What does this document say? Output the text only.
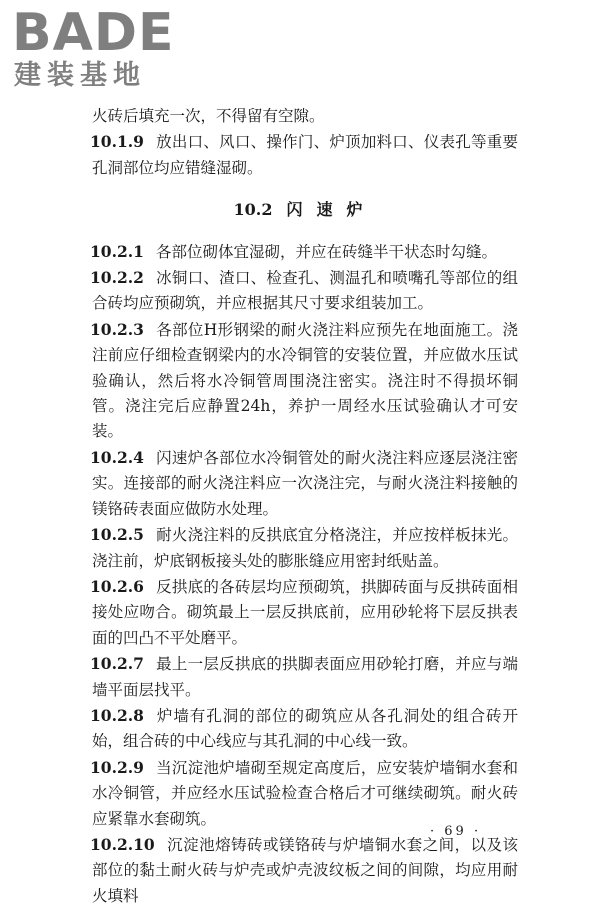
BADE
建装基地

火砖后填充一次，不得留有空隙。

10.1.9 放出口、风口、操作门、炉顶加料口、仪表孔等重要孔洞部位均应错缝湿砌。

10.2 闪速炉

10.2.1 各部位砌体宜湿砌，并应在砖缝半干状态时勾缝。

10.2.2 冰铜口、渣口、检查孔、测温孔和喷嘴孔等部位的组合砖均应预砌筑，并应根据其尺寸要求组装加工。

10.2.3 各部位H形钢梁的耐火浇注料应预先在地面施工。浇注前应仔细检查钢梁内的水冷铜管的安装位置，并应做水压试验确认，然后将水冷铜管周围浇注密实。浇注时不得损坏铜管。浇注完后应静置24h，养护一周经水压试验确认才可安装。

10.2.4 闪速炉各部位水冷铜管处的耐火浇注料应逐层浇注密实。连接部的耐火浇注料应一次浇注完，与耐火浇注料接触的镁铬砖表面应做防水处理。

10.2.5 耐火浇注料的反拱底宜分格浇注，并应按样板抹光。浇注前，炉底钢板接头处的膨胀缝应用密封纸贴盖。

10.2.6 反拱底的各砖层均应预砌筑，拱脚砖面与反拱砖面相接处应吻合。砌筑最上一层反拱底前，应用砂轮将下层反拱表面的凹凸不平处磨平。

10.2.7 最上一层反拱底的拱脚表面应用砂轮打磨，并应与端墙平面层找平。

10.2.8 炉墙有孔洞的部位的砌筑应从各孔洞处的组合砖开始，组合砖的中心线应与其孔洞的中心线一致。

10.2.9 当沉淀池炉墙砌至规定高度后，应安装炉墙铜水套和水冷铜管，并应经水压试验检查合格后才可继续砌筑。耐火砖应紧靠水套砌筑。

10.2.10 沉淀池熔铸砖或镁铬砖与炉墙铜水套之间，以及该部位的黏土耐火砖与炉壳或炉壳波纹板之间的间隙，均应用耐火填料

· 69 ·
